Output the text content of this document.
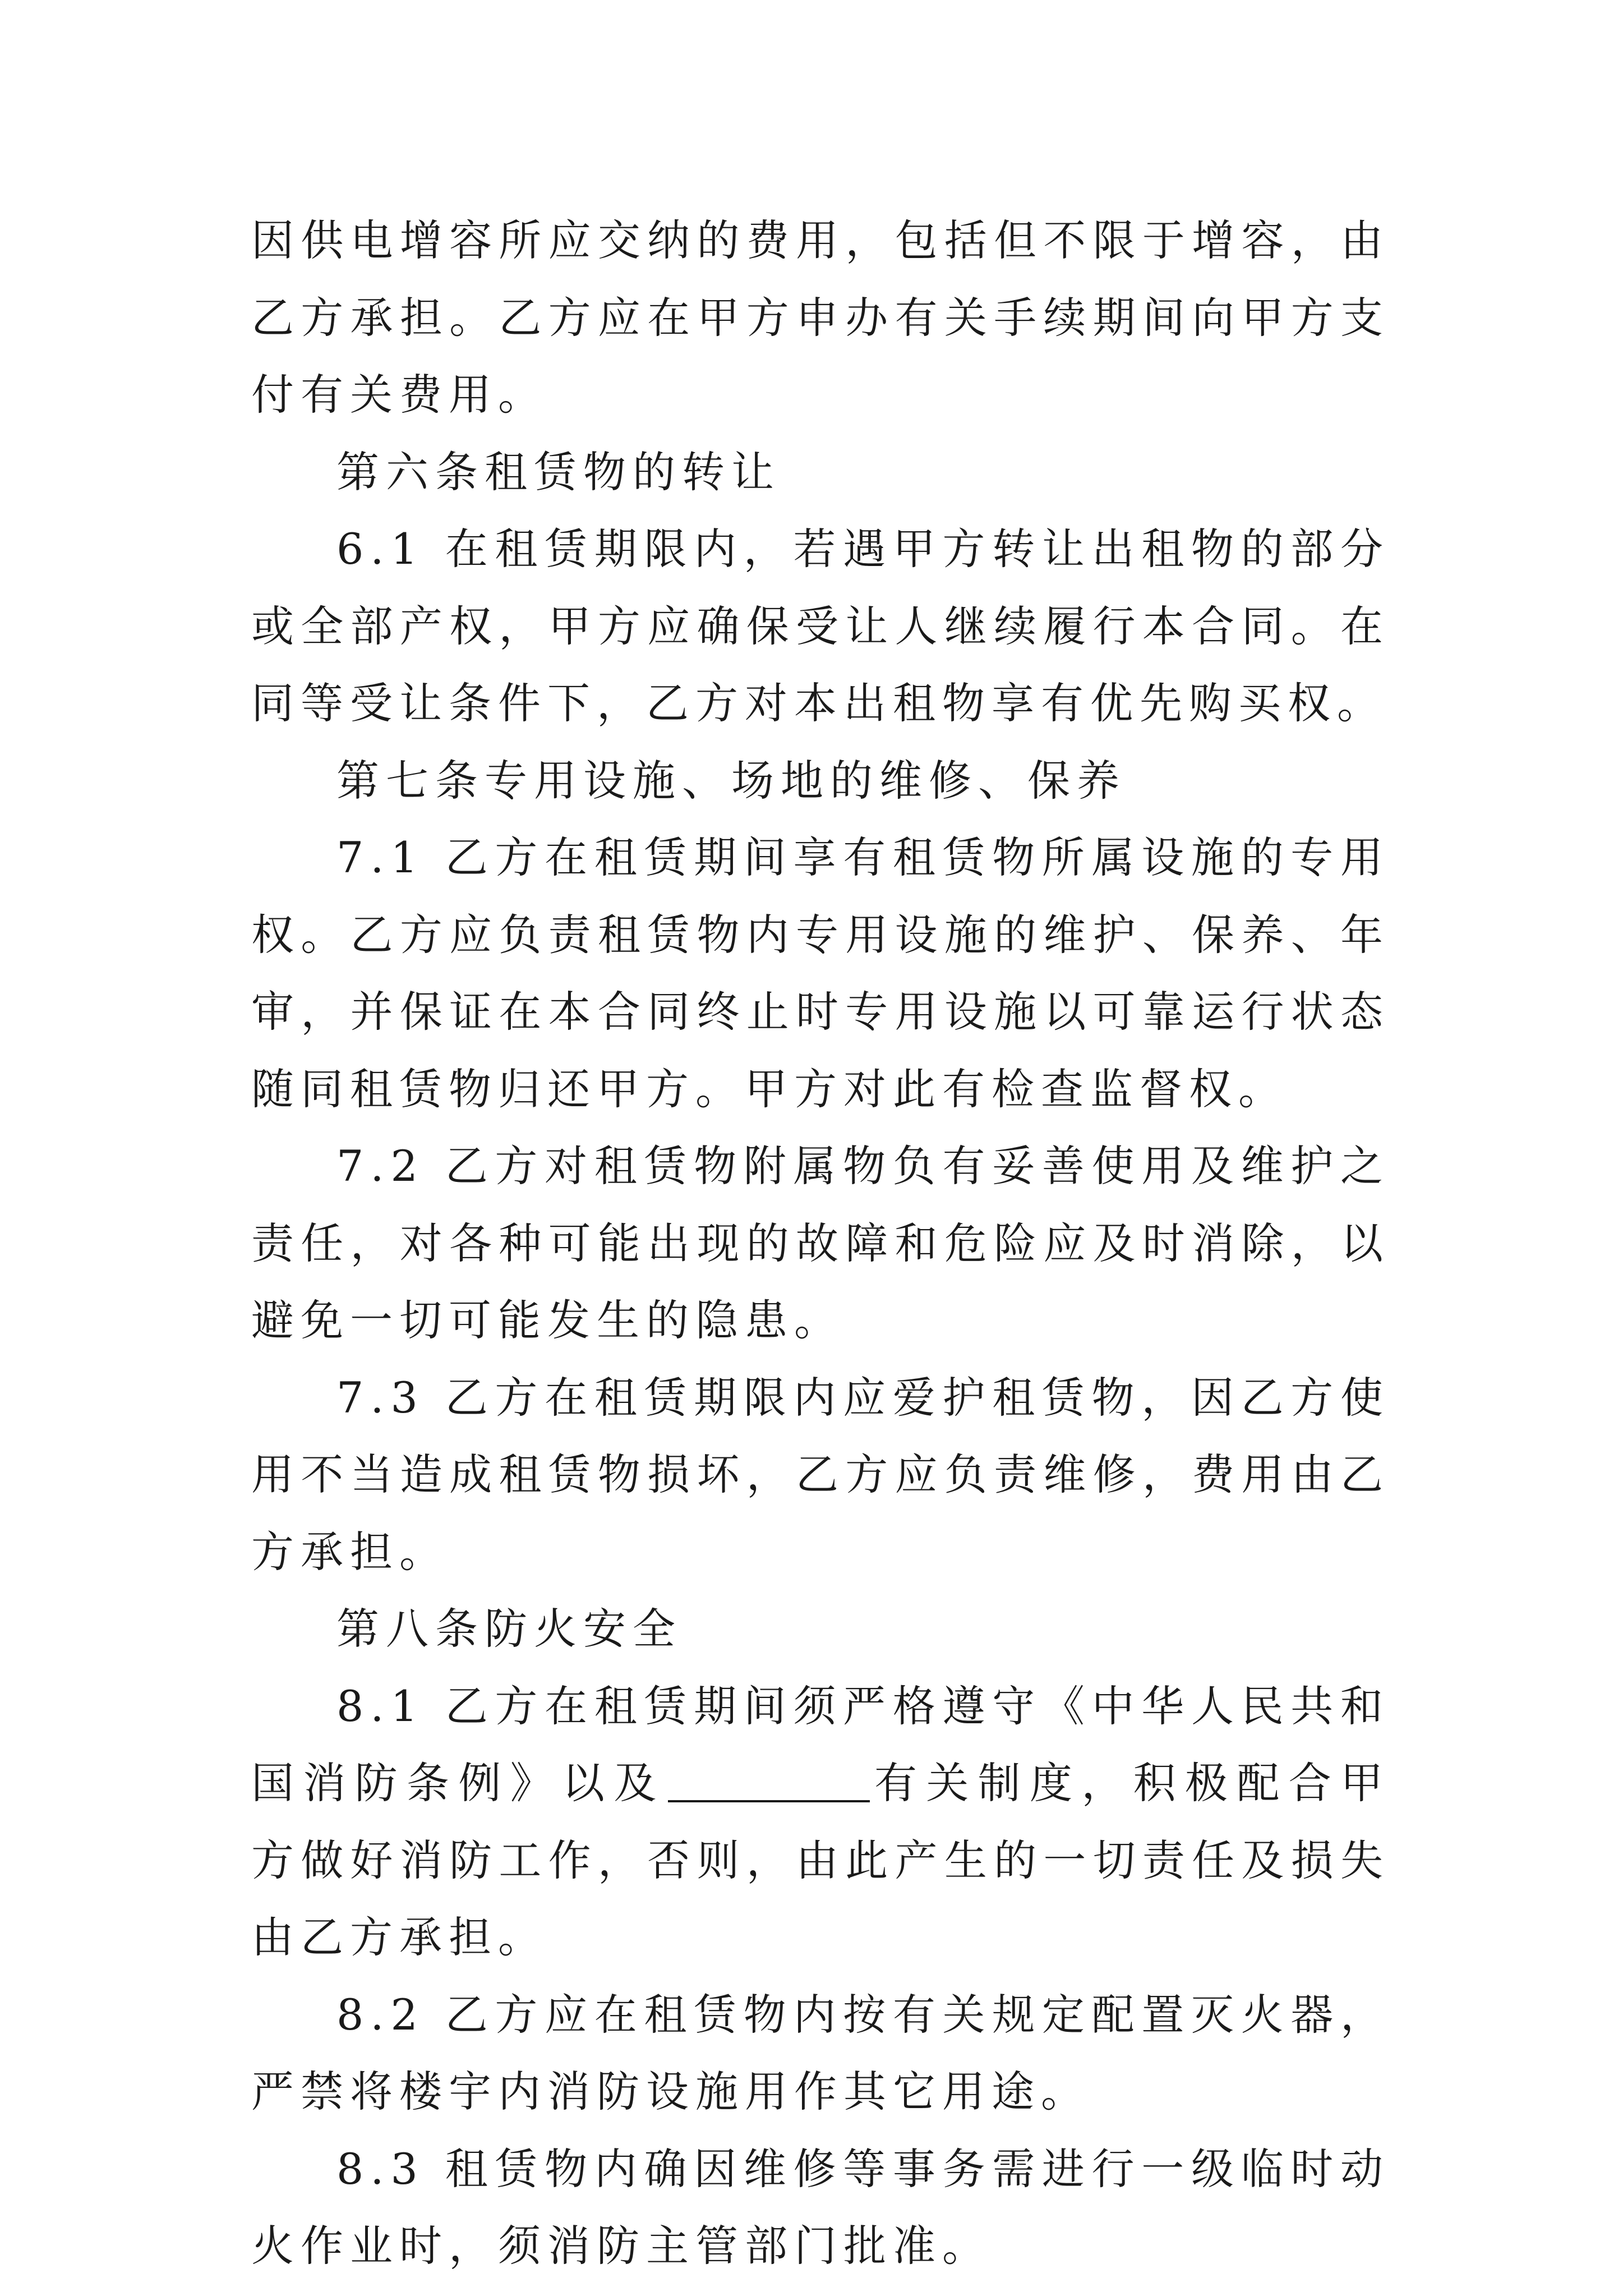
因供电增容所应交纳的费用，包括但不限于增容，由乙方承担。乙方应在甲方申办有关手续期间向甲方支付有关费用。

第六条租赁物的转让

6.1 在租赁期限内，若遇甲方转让出租物的部分或全部产权，甲方应确保受让人继续履行本合同。在同等受让条件下，乙方对本出租物享有优先购买权。

第七条专用设施、场地的维修、保养

7.1 乙方在租赁期间享有租赁物所属设施的专用权。乙方应负责租赁物内专用设施的维护、保养、年审，并保证在本合同终止时专用设施以可靠运行状态随同租赁物归还甲方。甲方对此有检查监督权。

7.2 乙方对租赁物附属物负有妥善使用及维护之责任，对各种可能出现的故障和危险应及时消除，以避免一切可能发生的隐患。

7.3 乙方在租赁期限内应爱护租赁物，因乙方使用不当造成租赁物损坏，乙方应负责维修，费用由乙方承担。

第八条防火安全

8.1 乙方在租赁期间须严格遵守《中华人民共和国消防条例》以及	有关制度，积极配合甲方做好消防工作，否则，由此产生的一切责任及损失由乙方承担。

8.2 乙方应在租赁物内按有关规定配置灭火器，严禁将楼宇内消防设施用作其它用途。

8.3 租赁物内确因维修等事务需进行一级临时动火作业时，须消防主管部门批准。
